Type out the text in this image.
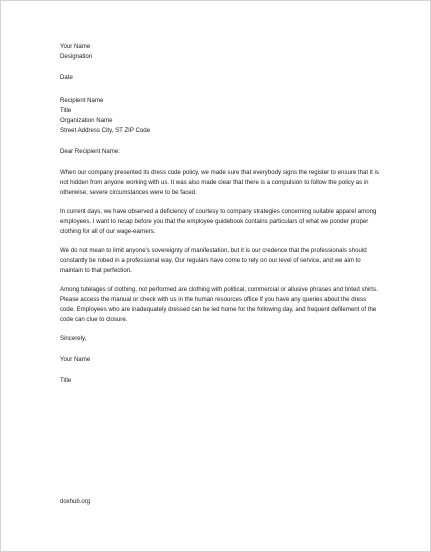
Your Name
Designation
Date
Recipient Name
Title
Organization Name
Street Address City, ST ZIP Code
Dear Recipient Name:

When our company presented its dress code policy, we made sure that everybody signs the register to ensure that it is not hidden from anyone working with us. It was also made clear that there is a compulsion to follow the policy as in otherwise; severe circumstances were to be faced.

In current days, we have observed a deficiency of courtesy to company strategies concerning suitable apparel among employees. I want to recap before you that the employee guidebook contains particulars of what we ponder proper clothing for all of our wage-earners.

We do not mean to limit anyone's sovereignty of manifestation, but it is our credence that the professionals should constantly be robed in a professional way. Our regulars have come to rely on our level of service, and we aim to maintain to that perfection.

Among tutelages of clothing, not performed are clothing with political, commercial or allusive phrases and tinted shirts. Please access the manual or check with us in the human resources office if you have any queries about the dress code. Employees who are inadequately dressed can be led home for the following day, and frequent defilement of the code can clue to closure.

Sincerely,
Your Name
Title
doxhub.org
